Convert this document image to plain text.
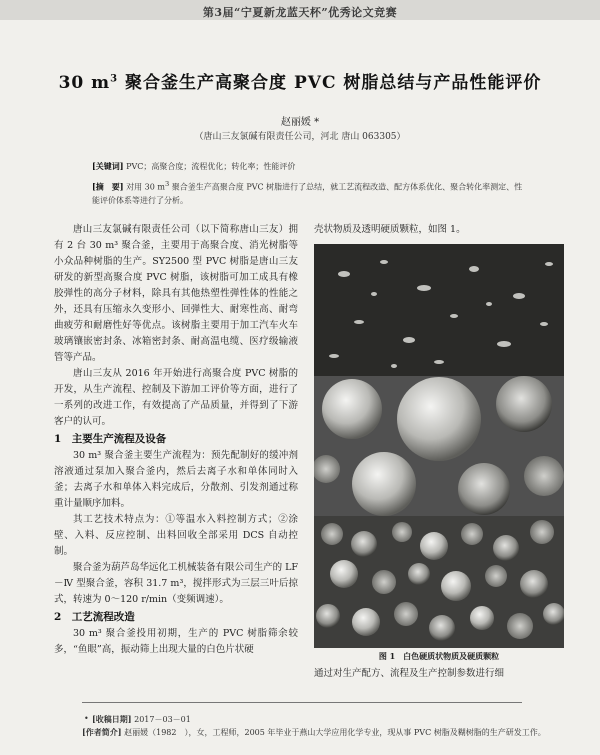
第3届“宁夏新龙蓝天杯”优秀论文竞赛
30 $m^3$ 聚合釜生产高聚合度 PVC 树脂总结与产品性能评价
赵丽媛 *
（唐山三友氯碱有限责任公司，河北 唐山 063305）
[关键词] PVC；高聚合度；流程优化；转化率；性能评价
[摘　要] 对用 30 $m^3$ 聚合釜生产高聚合度 PVC 树脂进行了总结，就工艺流程改造、配方体系优化、聚合转化率测定、性能评价体系等进行了分析。

唐山三友氯碱有限责任公司（以下简称唐山三友）拥有 2 台 30 m³ 聚合釜，主要用于高聚合度、消光树脂等小众品种树脂的生产。SY2500 型 PVC 树脂是唐山三友研发的新型高聚合度 PVC 树脂，该树脂可加工成具有橡胶弹性的高分子材料，除具有其他热塑性弹性体的性能之外，还具有压缩永久变形小、回弹性大、耐寒性高、耐弯曲疲劳和耐磨性好等优点。该树脂主要用于加工汽车火车玻璃镶嵌密封条、冰箱密封条、耐高温电缆、医疗级输液管等产品。

唐山三友从 2016 年开始进行高聚合度 PVC 树脂的开发，从生产流程、控制及下游加工评价等方面，进行了一系列的改进工作，有效提高了产品质量，并得到了下游客户的认可。

1　主要生产流程及设备

30 m³ 聚合釜主要生产流程为：预先配制好的缓冲剂溶液通过泵加入聚合釜内，然后去离子水和单体同时入釜；去离子水和单体入料完成后，分散剂、引发剂通过称重计量顺序加料。

其工艺技术特点为：①等温水入料控制方式；②涂壁、入料、反应控制、出料回收全部采用 DCS 自动控制。

聚合釜为葫芦岛华远化工机械装备有限公司生产的 LF－Ⅳ 型聚合釜，容积 31.7 m³，搅拌形式为三层三叶后掠式，转速为 0～120 r/min（变频调速）。

2　工艺流程改造

30 m³ 聚合釜投用初期，生产的 PVC 树脂筛余较多，“鱼眼”高，振动筛上出现大量的白色片状硬

壳状物质及透明硬质颗粒，如图 1。
图 1　白色硬质状物质及硬质颗粒
通过对生产配方、流程及生产控制参数进行细
• [收稿日期] 2017－03－01
[作者简介] 赵丽媛（1982　），女，工程师，2005 年毕业于燕山大学应用化学专业，现从事 PVC 树脂及糊树脂的生产研发工作。
